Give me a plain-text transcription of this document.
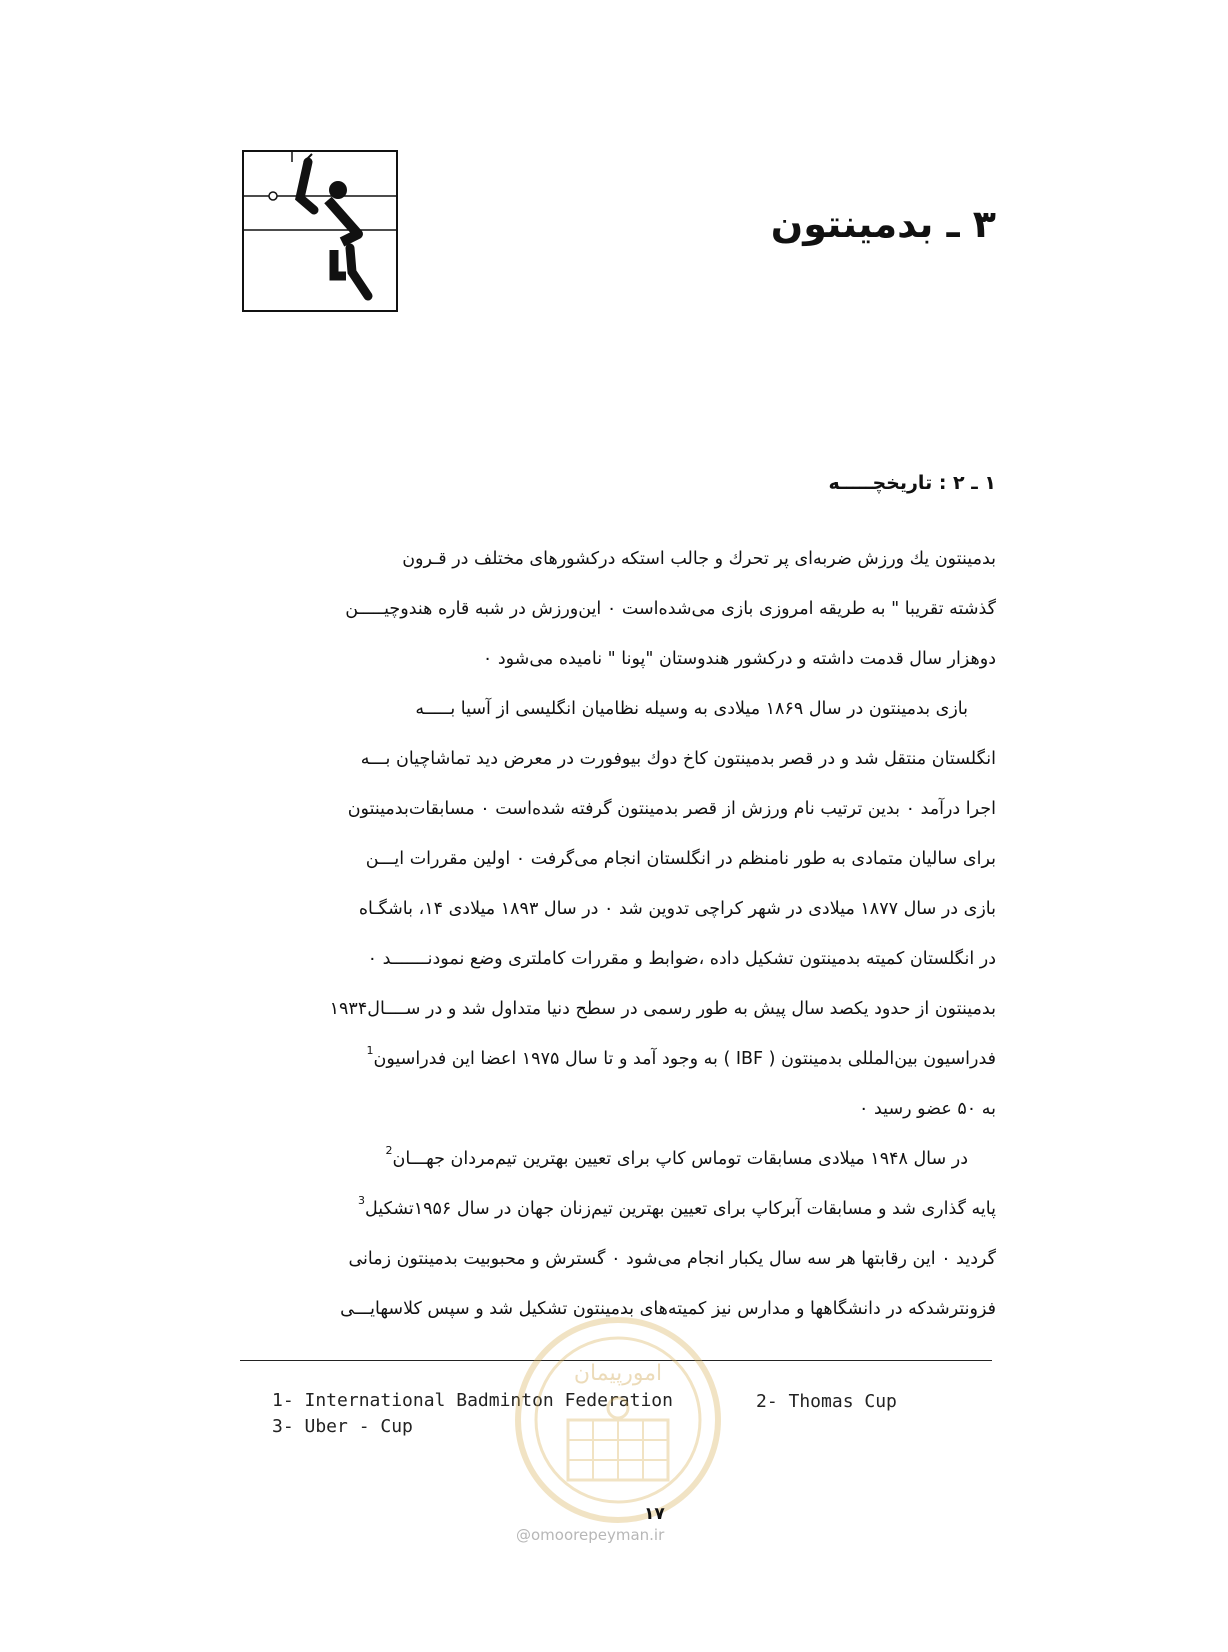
۳ ـ بدمینتون
۱ ـ ۲ : تاریخچـــــه
بدمینتون یك ورزش ضربه‌ای پر تحرك و جالب استکه درکشورهای مختلف در قـرون
گذشته تقریبا " به طریقه امروزی بازی می‌شده‌است ۰ این‌ورزش در شبه قاره هندوچیـــــن
دوهزار سال قدمت داشته و درکشور هندوستان "پونا " نامیده می‌شود ۰
بازی بدمینتون در سال ۱۸۶۹ میلادی به وسیله نظامیان انگلیسی از آسیا بـــــه
انگلستان منتقل شد و در قصر بدمینتون کاخ دوك بیوفورت در معرض دید تماشاچیان بـــه
اجرا درآمد ۰ بدین ترتیب نام ورزش از قصر بدمینتون گرفته شده‌است ۰ مسابقات‌بدمینتون
برای سالیان متمادی به طور نامنظم در انگلستان انجام می‌گرفت ۰ اولین مقررات ایـــن
بازی در سال ۱۸۷۷ میلادی در شهر کراچی تدوین شد ۰ در سال ۱۸۹۳ میلادی ۱۴، باشگـاه
در انگلستان کمیته بدمینتون تشکیل داده ،ضوابط و مقررات کاملتری وضع نمودنـــــــد ۰
بدمینتون از حدود یکصد سال پیش به طور رسمی در سطح دنیا متداول شد و در ســــال۱۹۳۴
فدراسیون بین‌المللی بدمینتون ( IBF ) به وجود آمد و تا سال ۱۹۷۵ اعضا این فدراسیون$^1$
به ۵۰ عضو رسید ۰
در سال ۱۹۴۸ میلادی مسابقات توماس کاپ برای تعیین بهترین تیم‌مردان جهـــان$^2$
پایه گذاری شد و مسابقات آبرکاپ برای تعیین بهترین تیم‌زنان جهان در سال ۱۹۵۶تشکیل$^3$
گردید ۰ این رقابتها هر سه سال یکبار انجام می‌شود ۰ گسترش و محبوبیت بدمینتون زمانی
فزونترشدکه در دانشگاهها و مدارس نیز کمیته‌های بدمینتون تشکیل شد و سپس کلاسهایـــی
1- International Badminton Federation
3- Uber - Cup
2- Thomas Cup
امورپیمان
۱۷
@omoorepeyman.ir
